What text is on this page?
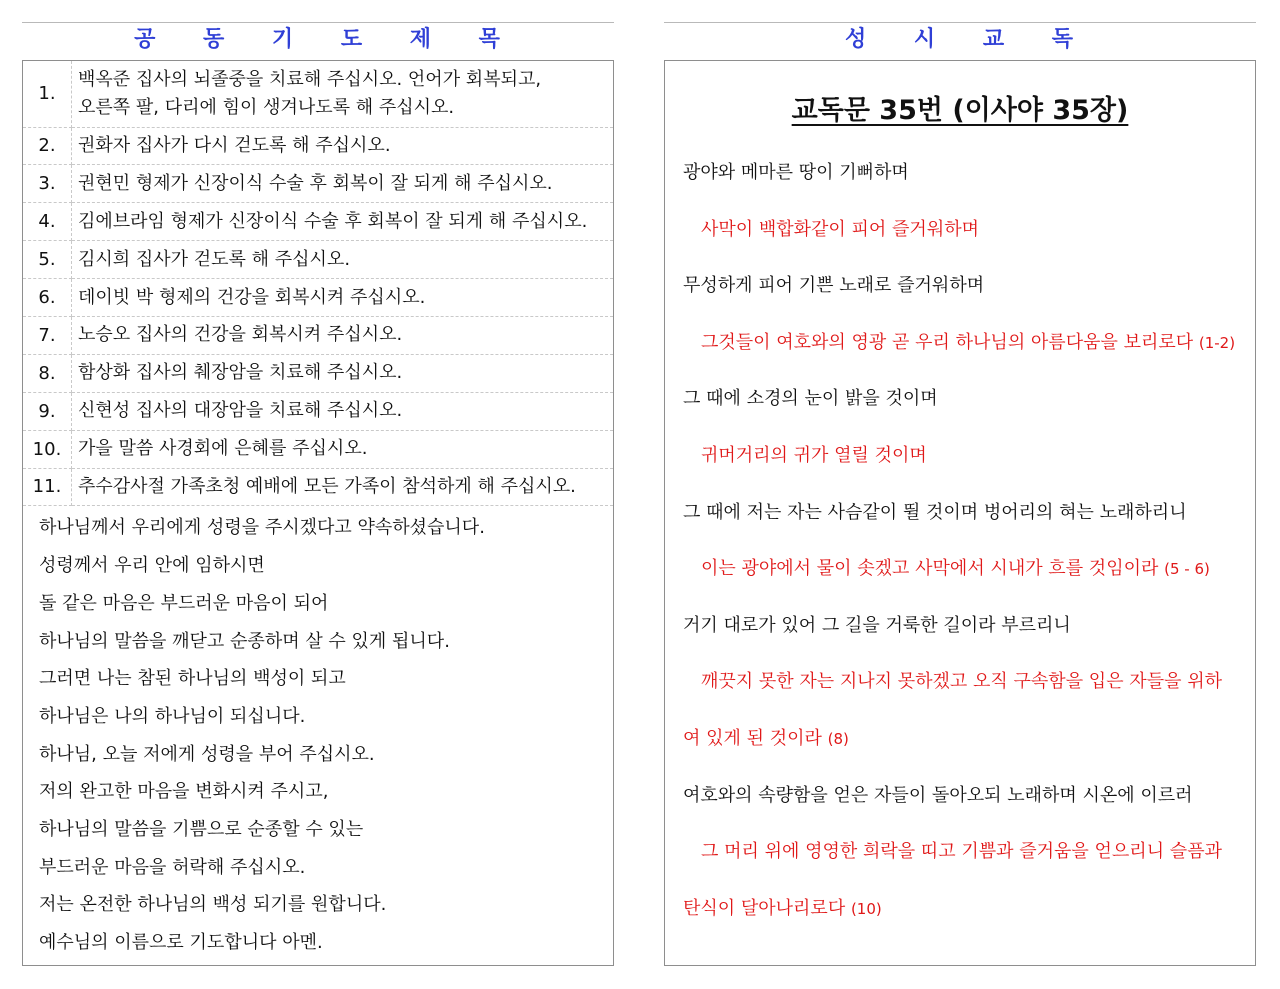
공 동 기 도 제 목	성 시 교 독
1.	백옥준 집사의 뇌졸중을 치료해 주십시오. 언어가 회복되고,
오른쪽 팔, 다리에 힘이 생겨나도록 해 주십시오.

2.	권화자 집사가 다시 걷도록 해 주십시오.

3.	권현민 형제가 신장이식 수술 후 회복이 잘 되게 해 주십시오.

4.	김에브라임 형제가 신장이식 수술 후 회복이 잘 되게 해 주십시오.

5.	김시희 집사가 걷도록 해 주십시오.

6.	데이빗 박 형제의 건강을 회복시켜 주십시오.

7.	노승오 집사의 건강을 회복시켜 주십시오.

8.	함상화 집사의 췌장암을 치료해 주십시오.

9.	신현성 집사의 대장암을 치료해 주십시오.

10.	가을 말씀 사경회에 은혜를 주십시오.

11.	추수감사절 가족초청 예배에 모든 가족이 참석하게 해 주십시오.
하나님께서 우리에게 성령을 주시겠다고 약속하셨습니다.
성령께서 우리 안에 임하시면
돌 같은 마음은 부드러운 마음이 되어
하나님의 말씀을 깨닫고 순종하며 살 수 있게 됩니다.
그러면 나는 참된 하나님의 백성이 되고
하나님은 나의 하나님이 되십니다.
하나님, 오늘 저에게 성령을 부어 주십시오.
저의 완고한 마음을 변화시켜 주시고,
하나님의 말씀을 기쁨으로 순종할 수 있는
부드러운 마음을 허락해 주십시오.
저는 온전한 하나님의 백성 되기를 원합니다.
예수님의 이름으로 기도합니다 아멘.
교독문 35번 (이사야 35장)
광야와 메마른 땅이 기뻐하며
사막이 백합화같이 피어 즐거워하며
무성하게 피어 기쁜 노래로 즐거워하며
그것들이 여호와의 영광 곧 우리 하나님의 아름다움을 보리로다 (1-2)
그 때에 소경의 눈이 밝을 것이며
귀머거리의 귀가 열릴 것이며
그 때에 저는 자는 사슴같이 뛸 것이며 벙어리의 혀는 노래하리니
이는 광야에서 물이 솟겠고 사막에서 시내가 흐를 것임이라 (5 - 6)
거기 대로가 있어 그 길을 거룩한 길이라 부르리니
깨끗지 못한 자는 지나지 못하겠고 오직 구속함을 입은 자들을 위하
여 있게 된 것이라 (8)
여호와의 속량함을 얻은 자들이 돌아오되 노래하며 시온에 이르러
그 머리 위에 영영한 희락을 띠고 기쁨과 즐거움을 얻으리니 슬픔과
탄식이 달아나리로다 (10)
